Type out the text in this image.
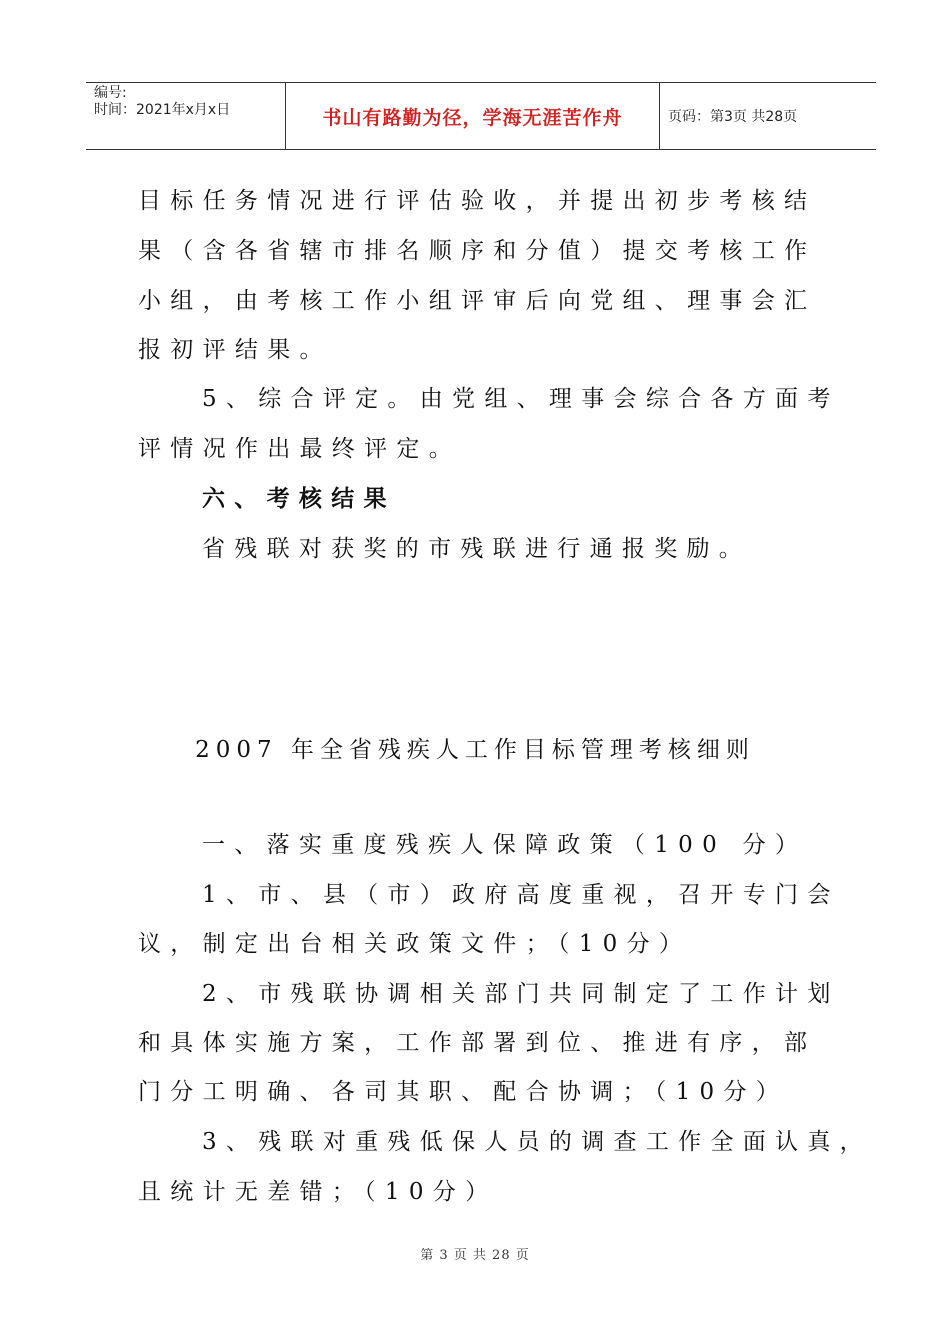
编号:
时间：2021年x月x日	书山有路勤为径，学海无涯苦作舟	页码：第3页 共28页
目标任务情况进行评估验收，并提出初步考核结
果（含各省辖市排名顺序和分值）提交考核工作
小组，由考核工作小组评审后向党组、理事会汇
报初评结果。
5、综合评定。由党组、理事会综合各方面考
评情况作出最终评定。
六、考核结果
省残联对获奖的市残联进行通报奖励。
2007 年全省残疾人工作目标管理考核细则
一、落实重度残疾人保障政策（100 分）
1、市、县（市）政府高度重视，召开专门会
议，制定出台相关政策文件；（10分）
2、市残联协调相关部门共同制定了工作计划
和具体实施方案，工作部署到位、推进有序，部
门分工明确、各司其职、配合协调；（10分）
3、残联对重残低保人员的调查工作全面认真，
且统计无差错；（10分）
第 3 页 共 28 页
